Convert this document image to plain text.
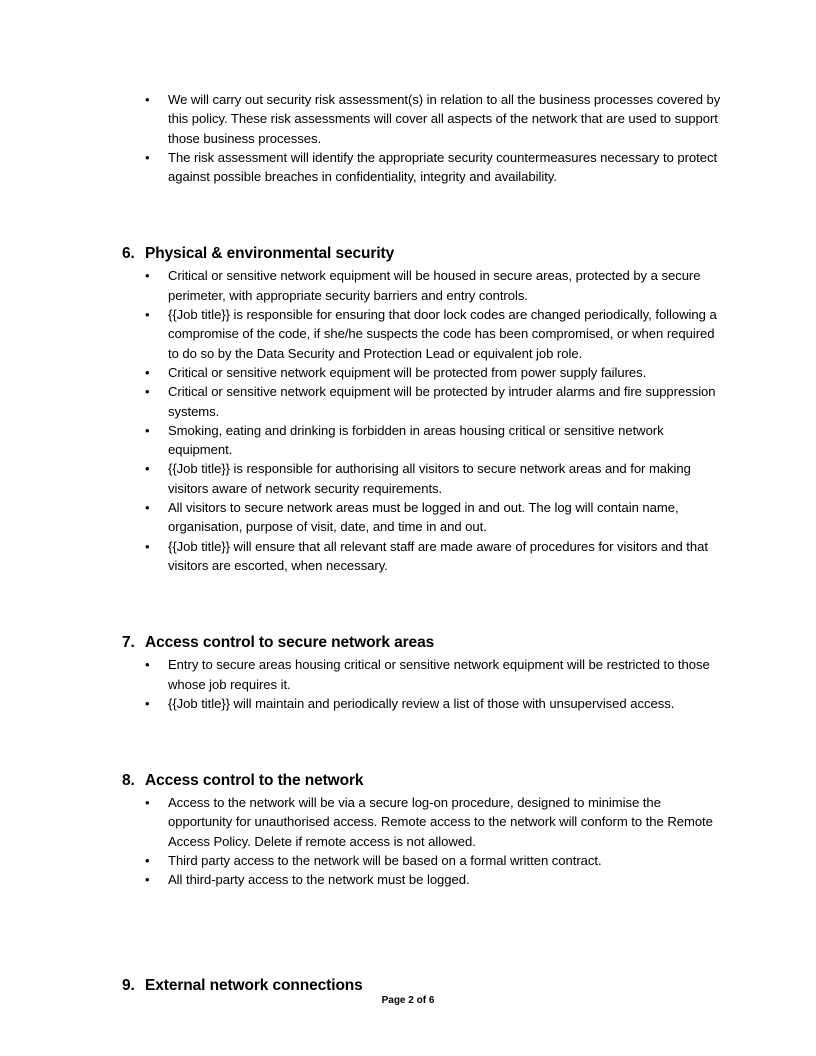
• We will carry out security risk assessment(s) in relation to all the business processes covered by this policy. These risk assessments will cover all aspects of the network that are used to support those business processes.
• The risk assessment will identify the appropriate security countermeasures necessary to protect against possible breaches in confidentiality, integrity and availability.
6. Physical & environmental security
• Critical or sensitive network equipment will be housed in secure areas, protected by a secure perimeter, with appropriate security barriers and entry controls.
• {{Job title}} is responsible for ensuring that door lock codes are changed periodically, following a compromise of the code, if she/he suspects the code has been compromised, or when required to do so by the Data Security and Protection Lead or equivalent job role.
• Critical or sensitive network equipment will be protected from power supply failures.
• Critical or sensitive network equipment will be protected by intruder alarms and fire suppression systems.
• Smoking, eating and drinking is forbidden in areas housing critical or sensitive network equipment.
• {{Job title}} is responsible for authorising all visitors to secure network areas and for making visitors aware of network security requirements.
• All visitors to secure network areas must be logged in and out. The log will contain name, organisation, purpose of visit, date, and time in and out.
• {{Job title}} will ensure that all relevant staff are made aware of procedures for visitors and that visitors are escorted, when necessary.
7. Access control to secure network areas
• Entry to secure areas housing critical or sensitive network equipment will be restricted to those whose job requires it.
• {{Job title}} will maintain and periodically review a list of those with unsupervised access.
8. Access control to the network
• Access to the network will be via a secure log-on procedure, designed to minimise the opportunity for unauthorised access. Remote access to the network will conform to the Remote Access Policy. Delete if remote access is not allowed.
• Third party access to the network will be based on a formal written contract.
• All third-party access to the network must be logged.
9. External network connections
Page 2 of 6
